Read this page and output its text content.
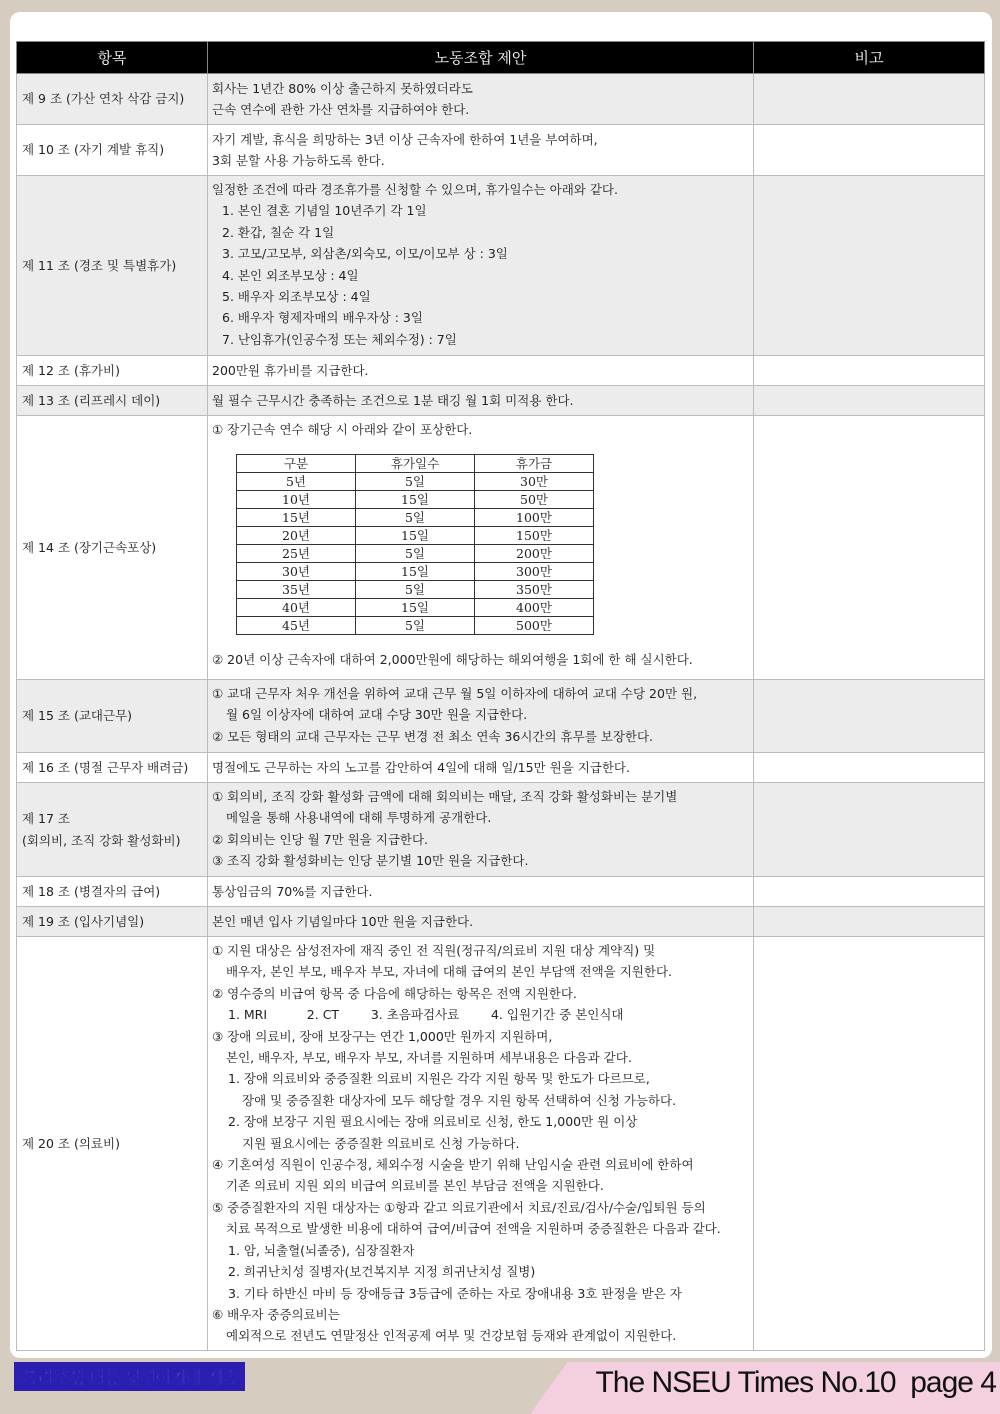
항목	노동조합 제안	비고
제 9 조 (가산 연차 삭감 금지)	
회사는 1년간 80% 이상 출근하지 못하였더라도
근속 연수에 관한 가산 연차를 지급하여야 한다.

제 10 조 (자기 계발 휴직)	
자기 계발, 휴식을 희망하는 3년 이상 근속자에 한하여 1년을 부여하며,
3회 분할 사용 가능하도록 한다.

제 11 조 (경조 및 특별휴가)	
일정한 조건에 따라 경조휴가를 신청할 수 있으며, 휴가일수는 아래와 같다.
1. 본인 결혼 기념일 10년주기 각 1일
2. 환갑, 칠순 각 1일
3. 고모/고모부, 외삼촌/외숙모, 이모/이모부 상 : 3일
4. 본인 외조부모상 : 4일
5. 배우자 외조부모상 : 4일
6. 배우자 형제자매의 배우자상 : 3일
7. 난임휴가(인공수정 또는 체외수정) : 7일

제 12 조 (휴가비)	200만원 휴가비를 지급한다.

제 13 조 (리프레시 데이)	월 필수 근무시간 충족하는 조건으로 1분 태깅 월 1회 미적용 한다.

제 14 조 (장기근속포상)	
① 장기근속 연수 해당 시 아래와 같이 포상한다.
구분	휴가일수	휴가금
5년	5일	30만
10년	15일	50만
15년	5일	100만
20년	15일	150만
25년	5일	200만
30년	15일	300만
35년	5일	350만
40년	15일	400만
45년	5일	500만
② 20년 이상 근속자에 대하여 2,000만원에 해당하는 해외여행을 1회에 한 해 실시한다.

제 15 조 (교대근무)	
① 교대 근무자 처우 개선을 위하여 교대 근무 월 5일 이하자에 대하여 교대 수당 20만 원,
월 6일 이상자에 대하여 교대 수당 30만 원을 지급한다.
② 모든 형태의 교대 근무자는 근무 변경 전 최소 연속 36시간의 휴무를 보장한다.

제 16 조 (명절 근무자 배려금)	명절에도 근무하는 자의 노고를 감안하여 4일에 대해 일/15만 원을 지급한다.

제 17 조
(회의비, 조직 강화 활성화비)

① 회의비, 조직 강화 활성화 금액에 대해 회의비는 매달, 조직 강화 활성화비는 분기별
메일을 통해 사용내역에 대해 투명하게 공개한다.
② 회의비는 인당 월 7만 원을 지급한다.
③ 조직 강화 활성화비는 인당 분기별 10만 원을 지급한다.

제 18 조 (병결자의 급여)	통상임금의 70%를 지급한다.

제 19 조 (입사기념일)	본인 매년 입사 기념일마다 10만 원을 지급한다.

제 20 조 (의료비)	
① 지원 대상은 삼성전자에 재직 중인 전 직원(정규직/의료비 지원 대상 계약직) 및
배우자, 본인 부모, 배우자 부모, 자녀에 대해 급여의 본인 부담액 전액을 지원한다.
② 영수증의 비급여 항목 중 다음에 해당하는 항목은 전액 지원한다.
1. MRI          2. CT        3. 초음파검사료        4. 입원기간 중 본인식대
③ 장애 의료비, 장애 보장구는 연간 1,000만 원까지 지원하며,
본인, 배우자, 부모, 배우자 부모, 자녀를 지원하며 세부내용은 다음과 같다.
1. 장애 의료비와 중증질환 의료비 지원은 각각 지원 항목 및 한도가 다르므로,
장애 및 중증질환 대상자에 모두 해당할 경우 지원 항목 선택하여 신청 가능하다.
2. 장애 보장구 지원 필요시에는 장애 의료비로 신청, 한도 1,000만 원 이상
지원 필요시에는 중증질환 의료비로 신청 가능하다.
④ 기혼여성 직원이 인공수정, 체외수정 시술을 받기 위해 난임시술 관련 의료비에 한하여
기존 의료비 지원 외의 비급여 의료비를 본인 부담금 전액을 지원한다.
⑤ 중증질환자의 지원 대상자는 ①항과 같고 의료기관에서 치료/진료/검사/수술/입퇴원 등의
치료 목적으로 발생한 비용에 대하여 급여/비급여 전액을 지원하며 중증질환은 다음과 같다.
1. 암, 뇌출혈(뇌졸중), 심장질환자
2. 희귀난치성 질병자(보건복지부 지정 희귀난치성 질병)
3. 기타 하반신 마비 등 장애등급 3등급에 준하는 자로 장애내용 3호 판정을 받은 자
⑥ 배우자 중증의료비는
예외적으로 전년도 연말정산 인적공제 여부 및 건강보험 등재와 관계없이 지원한다.

복리후생 내용 뒷페이지에 계속	The NSEU Times No.10  page 4
